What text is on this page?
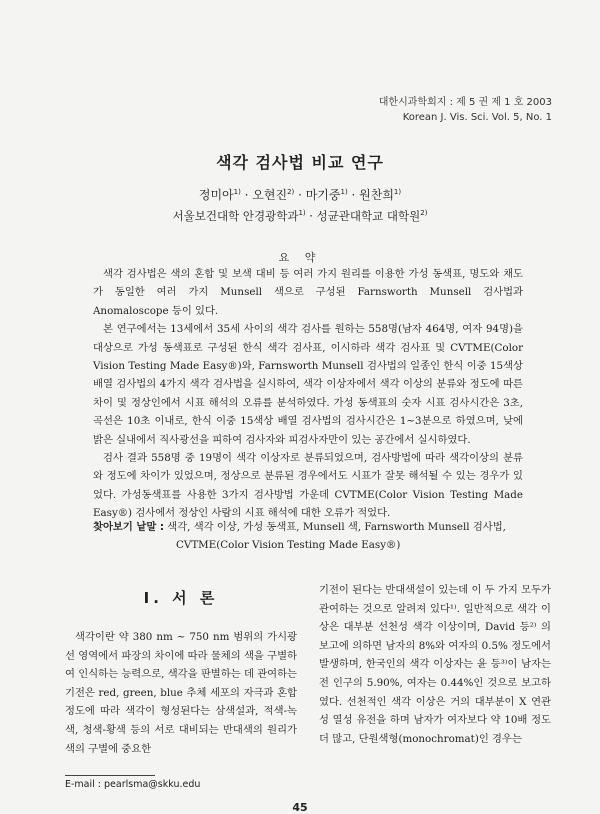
대한시과학회지 : 제 5 권 제 1 호 2003
Korean J. Vis. Sci. Vol. 5, No. 1
색각 검사법 비교 연구
정미아$^{1)}$ · 오현진$^{2)}$ · 마기중$^{1)}$ · 원찬희$^{1)}$
서울보건대학 안경광학과$^{1)}$ · 성균관대학교 대학원$^{2)}$
요 약

색각 검사법은 색의 혼합 및 보색 대비 등 여러 가지 원리를 이용한 가성 동색표, 명도와 채도가 동일한 여러 가지 Munsell 색으로 구성된 Farnsworth Munsell 검사법과 Anomaloscope 등이 있다.

본 연구에서는 13세에서 35세 사이의 색각 검사를 원하는 558명(남자 464명, 여자 94명)을 대상으로 가성 동색표로 구성된 한식 색각 검사표, 이시하라 색각 검사표 및 CVTME(Color Vision Testing Made Easy®)와, Farnsworth Munsell 검사법의 일종인 한식 이중 15색상 배열 검사법의 4가지 색각 검사법을 실시하여, 색각 이상자에서 색각 이상의 분류와 정도에 따른 차이 및 정상인에서 시표 해석의 오류를 분석하였다. 가성 동색표의 숫자 시표 검사시간은 3초, 곡선은 10초 이내로, 한식 이중 15색상 배열 검사법의 검사시간은 1~3분으로 하였으며, 낮에 밝은 실내에서 직사광선을 피하여 검사자와 피검사자만이 있는 공간에서 실시하였다.

검사 결과 558명 중 19명이 색각 이상자로 분류되었으며, 검사방법에 따라 색각이상의 분류와 정도에 차이가 있었으며, 정상으로 분류된 경우에서도 시표가 잘못 해석될 수 있는 경우가 있었다. 가성동색표를 사용한 3가지 검사방법 가운데 CVTME(Color Vision Testing Made Easy®) 검사에서 정상인 사람의 시표 해석에 대한 오류가 적었다.

찾아보기 낱말 : 색각, 색각 이상, 가성 동색표, Munsell 색, Farnsworth Munsell 검사법, CVTME(Color Vision Testing Made Easy®)
I. 서 론

색각이란 약 380 nm ~ 750 nm 범위의 가시광선 영역에서 파장의 차이에 따라 물체의 색을 구별하여 인식하는 능력으로, 색각을 판별하는 데 관여하는 기전은 red, green, blue 추체 세포의 자극과 혼합정도에 따라 색각이 형성된다는 삼색설과, 적색-녹색, 청색-황색 등의 서로 대비되는 반대색의 원리가 색의 구별에 중요한

기전이 된다는 반대색설이 있는데 이 두 가지 모두가 관여하는 것으로 알려져 있다¹⁾. 일반적으로 색각 이상은 대부분 선천성 색각 이상이며, David 등²⁾ 의 보고에 의하면 남자의 8%와 여자의 0.5% 정도에서 발생하며, 한국인의 색각 이상자는 윤 등³⁾이 남자는 전 인구의 5.90%, 여자는 0.44%인 것으로 보고하였다. 선천적인 색각 이상은 거의 대부분이 X 연관성 열성 유전을 하며 남자가 여자보다 약 10배 정도 더 많고, 단원색형(monochromat)인 경우는

E-mail : pearlsma@skku.edu
45
